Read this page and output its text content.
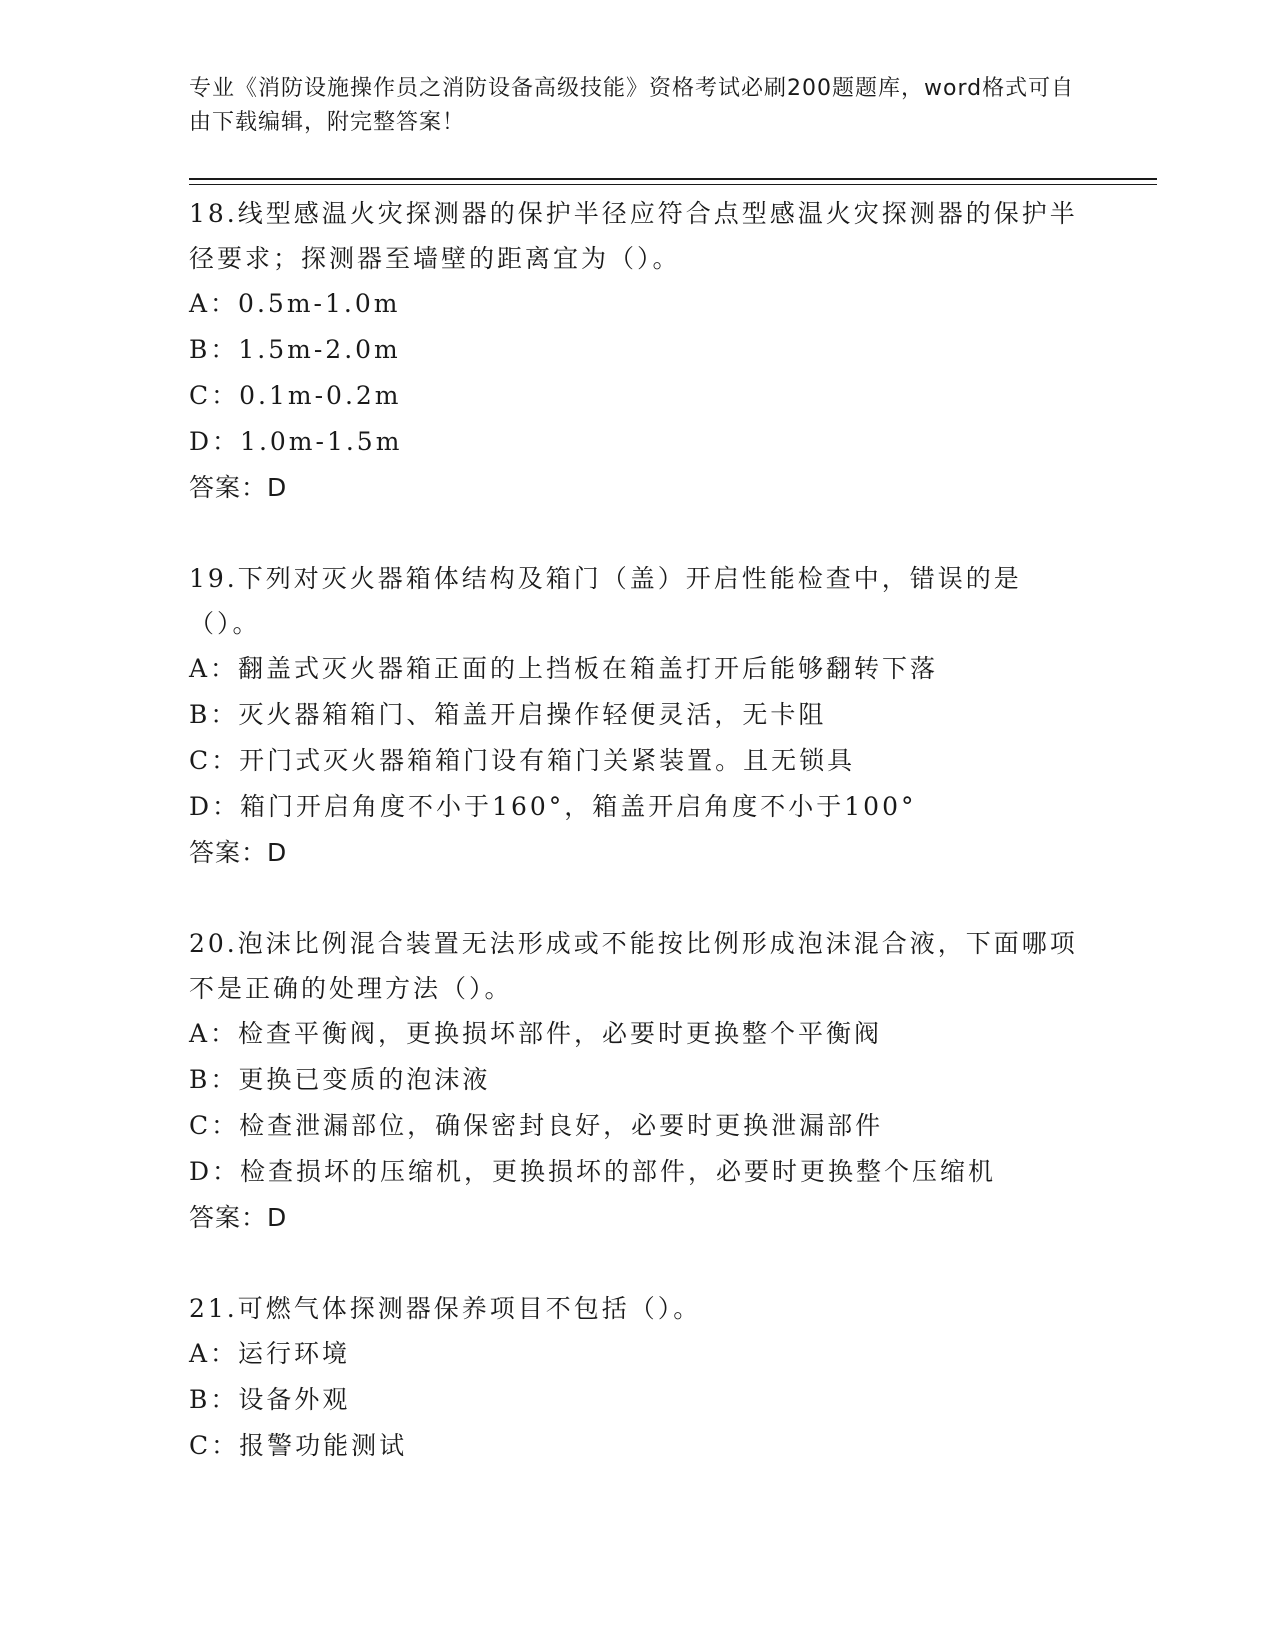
专业《消防设施操作员之消防设备高级技能》资格考试必刷200题题库，word格式可自由下载编辑，附完整答案！
18.线型感温火灾探测器的保护半径应符合点型感温火灾探测器的保护半径要求；探测器至墙壁的距离宜为（）。
A：0.5m-1.0m
B：1.5m-2.0m
C：0.1m-0.2m
D：1.0m-1.5m
答案：D
19.下列对灭火器箱体结构及箱门（盖）开启性能检查中，错误的是（）。
A：翻盖式灭火器箱正面的上挡板在箱盖打开后能够翻转下落
B：灭火器箱箱门、箱盖开启操作轻便灵活，无卡阻
C：开门式灭火器箱箱门设有箱门关紧装置。且无锁具
D：箱门开启角度不小于160°，箱盖开启角度不小于100°
答案：D
20.泡沫比例混合装置无法形成或不能按比例形成泡沫混合液，下面哪项不是正确的处理方法（）。
A：检查平衡阀，更换损坏部件，必要时更换整个平衡阀
B：更换已变质的泡沫液
C：检查泄漏部位，确保密封良好，必要时更换泄漏部件
D：检查损坏的压缩机，更换损坏的部件，必要时更换整个压缩机
答案：D
21.可燃气体探测器保养项目不包括（）。
A：运行环境
B：设备外观
C：报警功能测试
